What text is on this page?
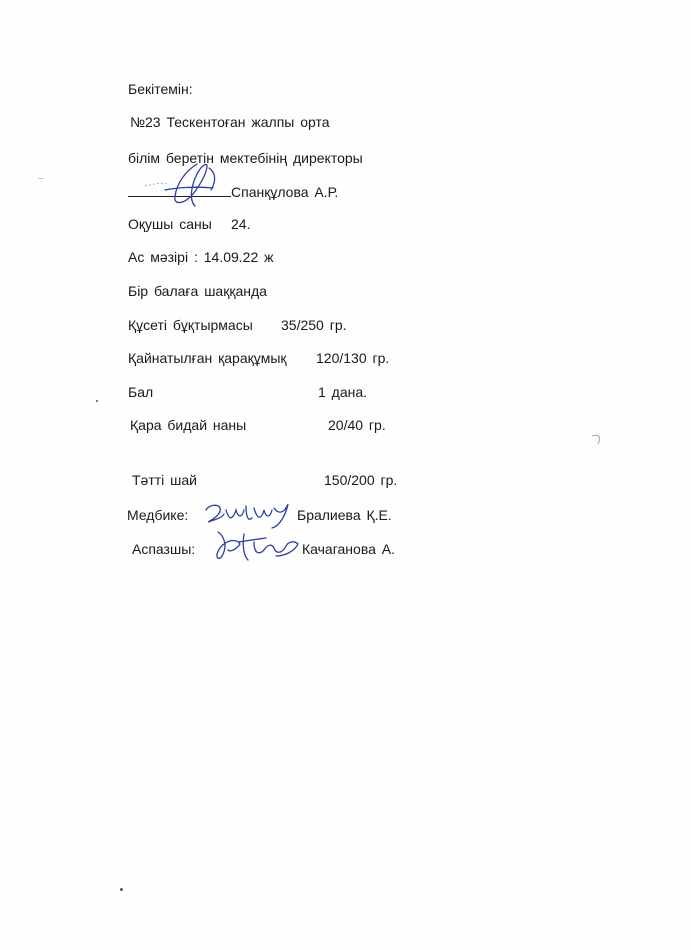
Бекітемін:
№23 Тескентоған жалпы орта
білім беретін мектебінің директоры
Спанқұлова А.Р.
Оқушы саны 24.
Ас мәзірі : 14.09.22 ж
Бір балаға шаққанда
Құсеті бұқтырмасы 35/250 гр.
Қайнатылған қарақұмық 120/130 гр.
Бал	1 дана.
Қара бидай наны	20/40 гр.
Тәтті шай	150/200 гр.
Медбике:	Бралиева Қ.Е.
Аспазшы:	Качаганова А.
